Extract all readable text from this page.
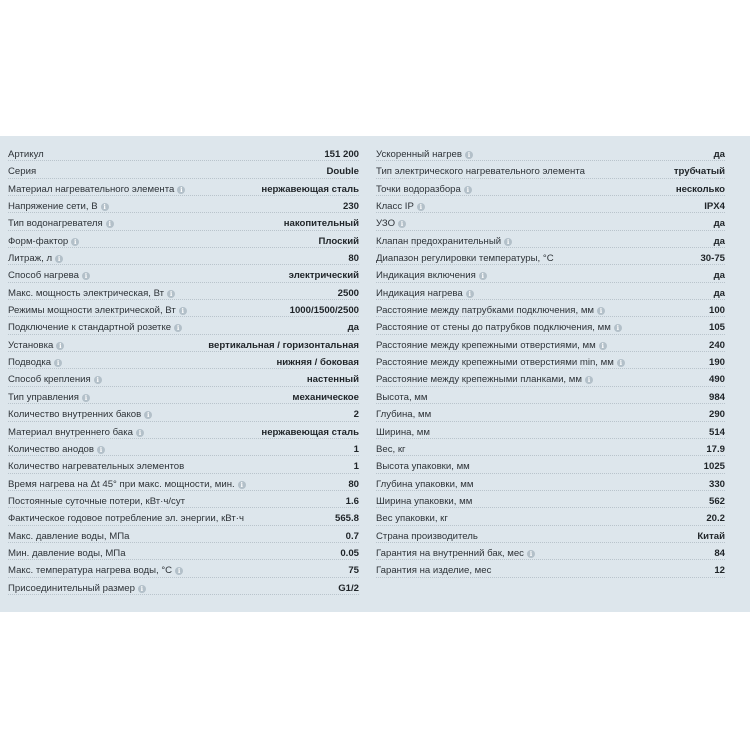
Артикул	151 200
Серия	Double
Материал нагревательного элемента i	нержавеющая сталь
Напряжение сети, В i	230
Тип водонагревателя i	накопительный
Форм-фактор i	Плоский
Литраж, л i	80
Способ нагрева i	электрический
Макс. мощность электрическая, Вт i	2500
Режимы мощности электрической, Вт i	1000/1500/2500
Подключение к стандартной розетке i	да
Установка i	вертикальная / горизонтальная
Подводка i	нижняя / боковая
Способ крепления i	настенный
Тип управления i	механическое
Количество внутренних баков i	2
Материал внутреннего бака i	нержавеющая сталь
Количество анодов i	1
Количество нагревательных элементов	1
Время нагрева на Δt 45° при макс. мощности, мин. i	80
Постоянные суточные потери, кВт·ч/сут	1.6
Фактическое годовое потребление эл. энергии, кВт·ч	565.8
Макс. давление воды, МПа	0.7
Мин. давление воды, МПа	0.05
Макс. температура нагрева воды, °С i	75
Присоединительный размер i	G1/2
Ускоренный нагрев i	да
Тип электрического нагревательного элемента	трубчатый
Точки водоразбора i	несколько
Класс IP i	IPX4
УЗО i	да
Клапан предохранительный i	да
Диапазон регулировки температуры, °С	30-75
Индикация включения i	да
Индикация нагрева i	да
Расстояние между патрубками подключения, мм i	100
Расстояние от стены до патрубков подключения, мм i	105
Расстояние между крепежными отверстиями, мм i	240
Расстояние между крепежными отверстиями min, мм i	190
Расстояние между крепежными планками, мм i	490
Высота, мм	984
Глубина, мм	290
Ширина, мм	514
Вес, кг	17.9
Высота упаковки, мм	1025
Глубина упаковки, мм	330
Ширина упаковки, мм	562
Вес упаковки, кг	20.2
Страна производитель	Китай
Гарантия на внутренний бак, мес i	84
Гарантия на изделие, мес	12
